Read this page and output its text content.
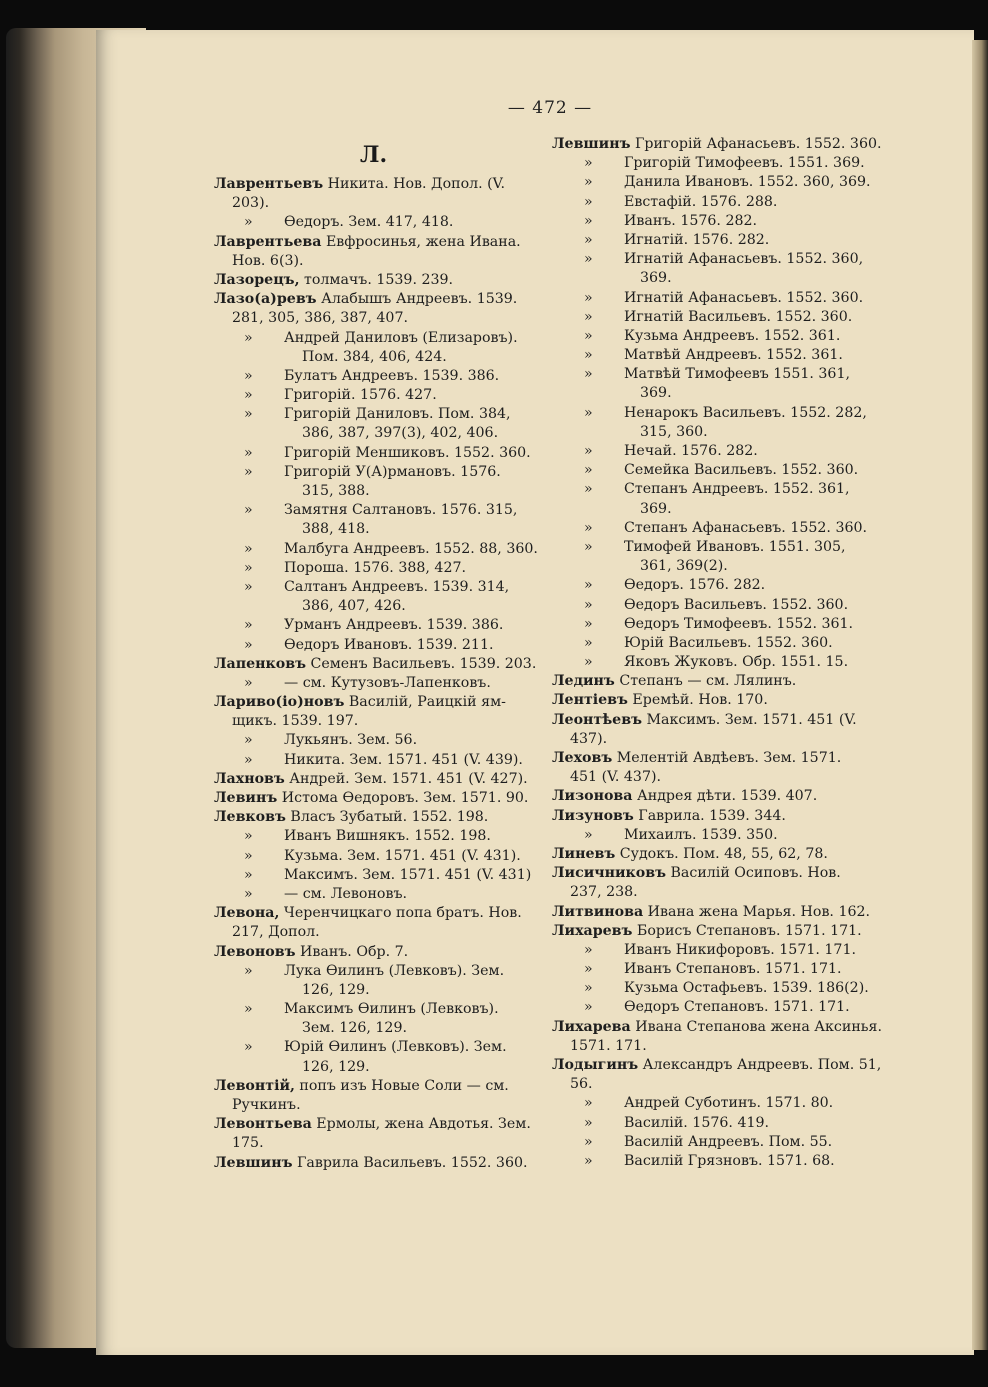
— 472 —
Л.
Лаврентьевъ Никита. Нов. Допол. (V.
203).
» Өедоръ. Зем. 417, 418.
Лаврентьева Евфросинья, жена Ивана.
Нов. 6(3).
Лазорецъ, толмачъ. 1539. 239.
Лазо(а)ревъ Алабышъ Андреевъ. 1539.
281, 305, 386, 387, 407.
» Андрей Даниловъ (Елизаровъ).
Пом. 384, 406, 424.
» Булатъ Андреевъ. 1539. 386.
» Григорій. 1576. 427.
» Григорій Даниловъ. Пом. 384,
386, 387, 397(3), 402, 406.
» Григорій Меншиковъ. 1552. 360.
» Григорій У(А)рмановъ. 1576.
315, 388.
» Замятня Салтановъ. 1576. 315,
388, 418.
» Малбуга Андреевъ. 1552. 88, 360.
» Пороша. 1576. 388, 427.
» Салтанъ Андреевъ. 1539. 314,
386, 407, 426.
» Урманъ Андреевъ. 1539. 386.
» Өедоръ Ивановъ. 1539. 211.
Лапенковъ Семенъ Васильевъ. 1539. 203.
» — см. Кутузовъ-Лапенковъ.
Лариво(іо)новъ Василій, Раицкій ям-
щикъ. 1539. 197.
» Лукьянъ. Зем. 56.
» Никита. Зем. 1571. 451 (V. 439).
Лахновъ Андрей. Зем. 1571. 451 (V. 427).
Левинъ Истома Өедоровъ. Зем. 1571. 90.
Левковъ Власъ Зубатый. 1552. 198.
» Иванъ Вишнякъ. 1552. 198.
» Кузьма. Зем. 1571. 451 (V. 431).
» Максимъ. Зем. 1571. 451 (V. 431)
» — см. Левоновъ.
Левона, Черенчицкаго попа братъ. Нов.
217, Допол.
Левоновъ Иванъ. Обр. 7.
» Лука Өилинъ (Левковъ). Зем.
126, 129.
» Максимъ Өилинъ (Левковъ).
Зем. 126, 129.
» Юрій Өилинъ (Левковъ). Зем.
126, 129.
Левонтій, попъ изъ Новые Соли — см.
Ручкинъ.
Левонтьева Ермолы, жена Авдотья. Зем.
175.
Левшинъ Гаврила Васильевъ. 1552. 360.
Левшинъ Григорій Афанасьевъ. 1552. 360.
» Григорій Тимофеевъ. 1551. 369.
» Данила Ивановъ. 1552. 360, 369.
» Евстафій. 1576. 288.
» Иванъ. 1576. 282.
» Игнатій. 1576. 282.
» Игнатій Афанасьевъ. 1552. 360,
369.
» Игнатій Афанасьевъ. 1552. 360.
» Игнатій Васильевъ. 1552. 360.
» Кузьма Андреевъ. 1552. 361.
» Матвѣй Андреевъ. 1552. 361.
» Матвѣй Тимофеевъ 1551. 361,
369.
» Ненарокъ Васильевъ. 1552. 282,
315, 360.
» Нечай. 1576. 282.
» Семейка Васильевъ. 1552. 360.
» Степанъ Андреевъ. 1552. 361,
369.
» Степанъ Афанасьевъ. 1552. 360.
» Тимофей Ивановъ. 1551. 305,
361, 369(2).
» Өедоръ. 1576. 282.
» Өедоръ Васильевъ. 1552. 360.
» Өедоръ Тимофеевъ. 1552. 361.
» Юрій Васильевъ. 1552. 360.
» Яковъ Жуковъ. Обр. 1551. 15.
Лединъ Степанъ — см. Лялинъ.
Лентіевъ Еремѣй. Нов. 170.
Леонтѣевъ Максимъ. Зем. 1571. 451 (V.
437).
Леховъ Мелентій Авдѣевъ. Зем. 1571.
451 (V. 437).
Лизонова Андрея дѣти. 1539. 407.
Лизуновъ Гаврила. 1539. 344.
» Михаилъ. 1539. 350.
Линевъ Судокъ. Пом. 48, 55, 62, 78.
Лисичниковъ Василій Осиповъ. Нов.
237, 238.
Литвинова Ивана жена Марья. Нов. 162.
Лихаревъ Борисъ Степановъ. 1571. 171.
» Иванъ Никифоровъ. 1571. 171.
» Иванъ Степановъ. 1571. 171.
» Кузьма Остафьевъ. 1539. 186(2).
» Өедоръ Степановъ. 1571. 171.
Лихарева Ивана Степанова жена Аксинья.
1571. 171.
Лодыгинъ Александръ Андреевъ. Пом. 51,
56.
» Андрей Суботинъ. 1571. 80.
» Василій. 1576. 419.
» Василій Андреевъ. Пом. 55.
» Василій Грязновъ. 1571. 68.
